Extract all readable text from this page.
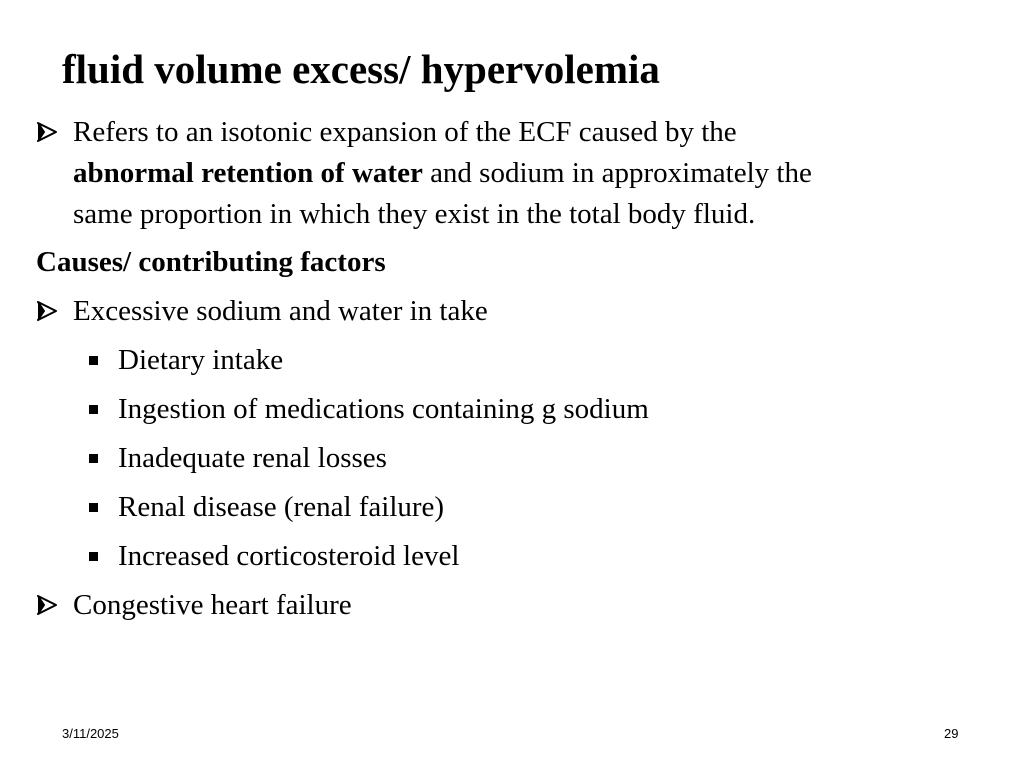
fluid volume excess/ hypervolemia
Refers to an isotonic expansion of the ECF caused by the
abnormal retention of water and sodium in approximately the
same proportion in which they exist in the total body fluid.
Causes/ contributing factors
Excessive sodium and water in take
Dietary intake
Ingestion of medications containing g sodium
Inadequate renal losses
Renal disease (renal failure)
Increased corticosteroid level
Congestive heart failure
3/11/2025	29
